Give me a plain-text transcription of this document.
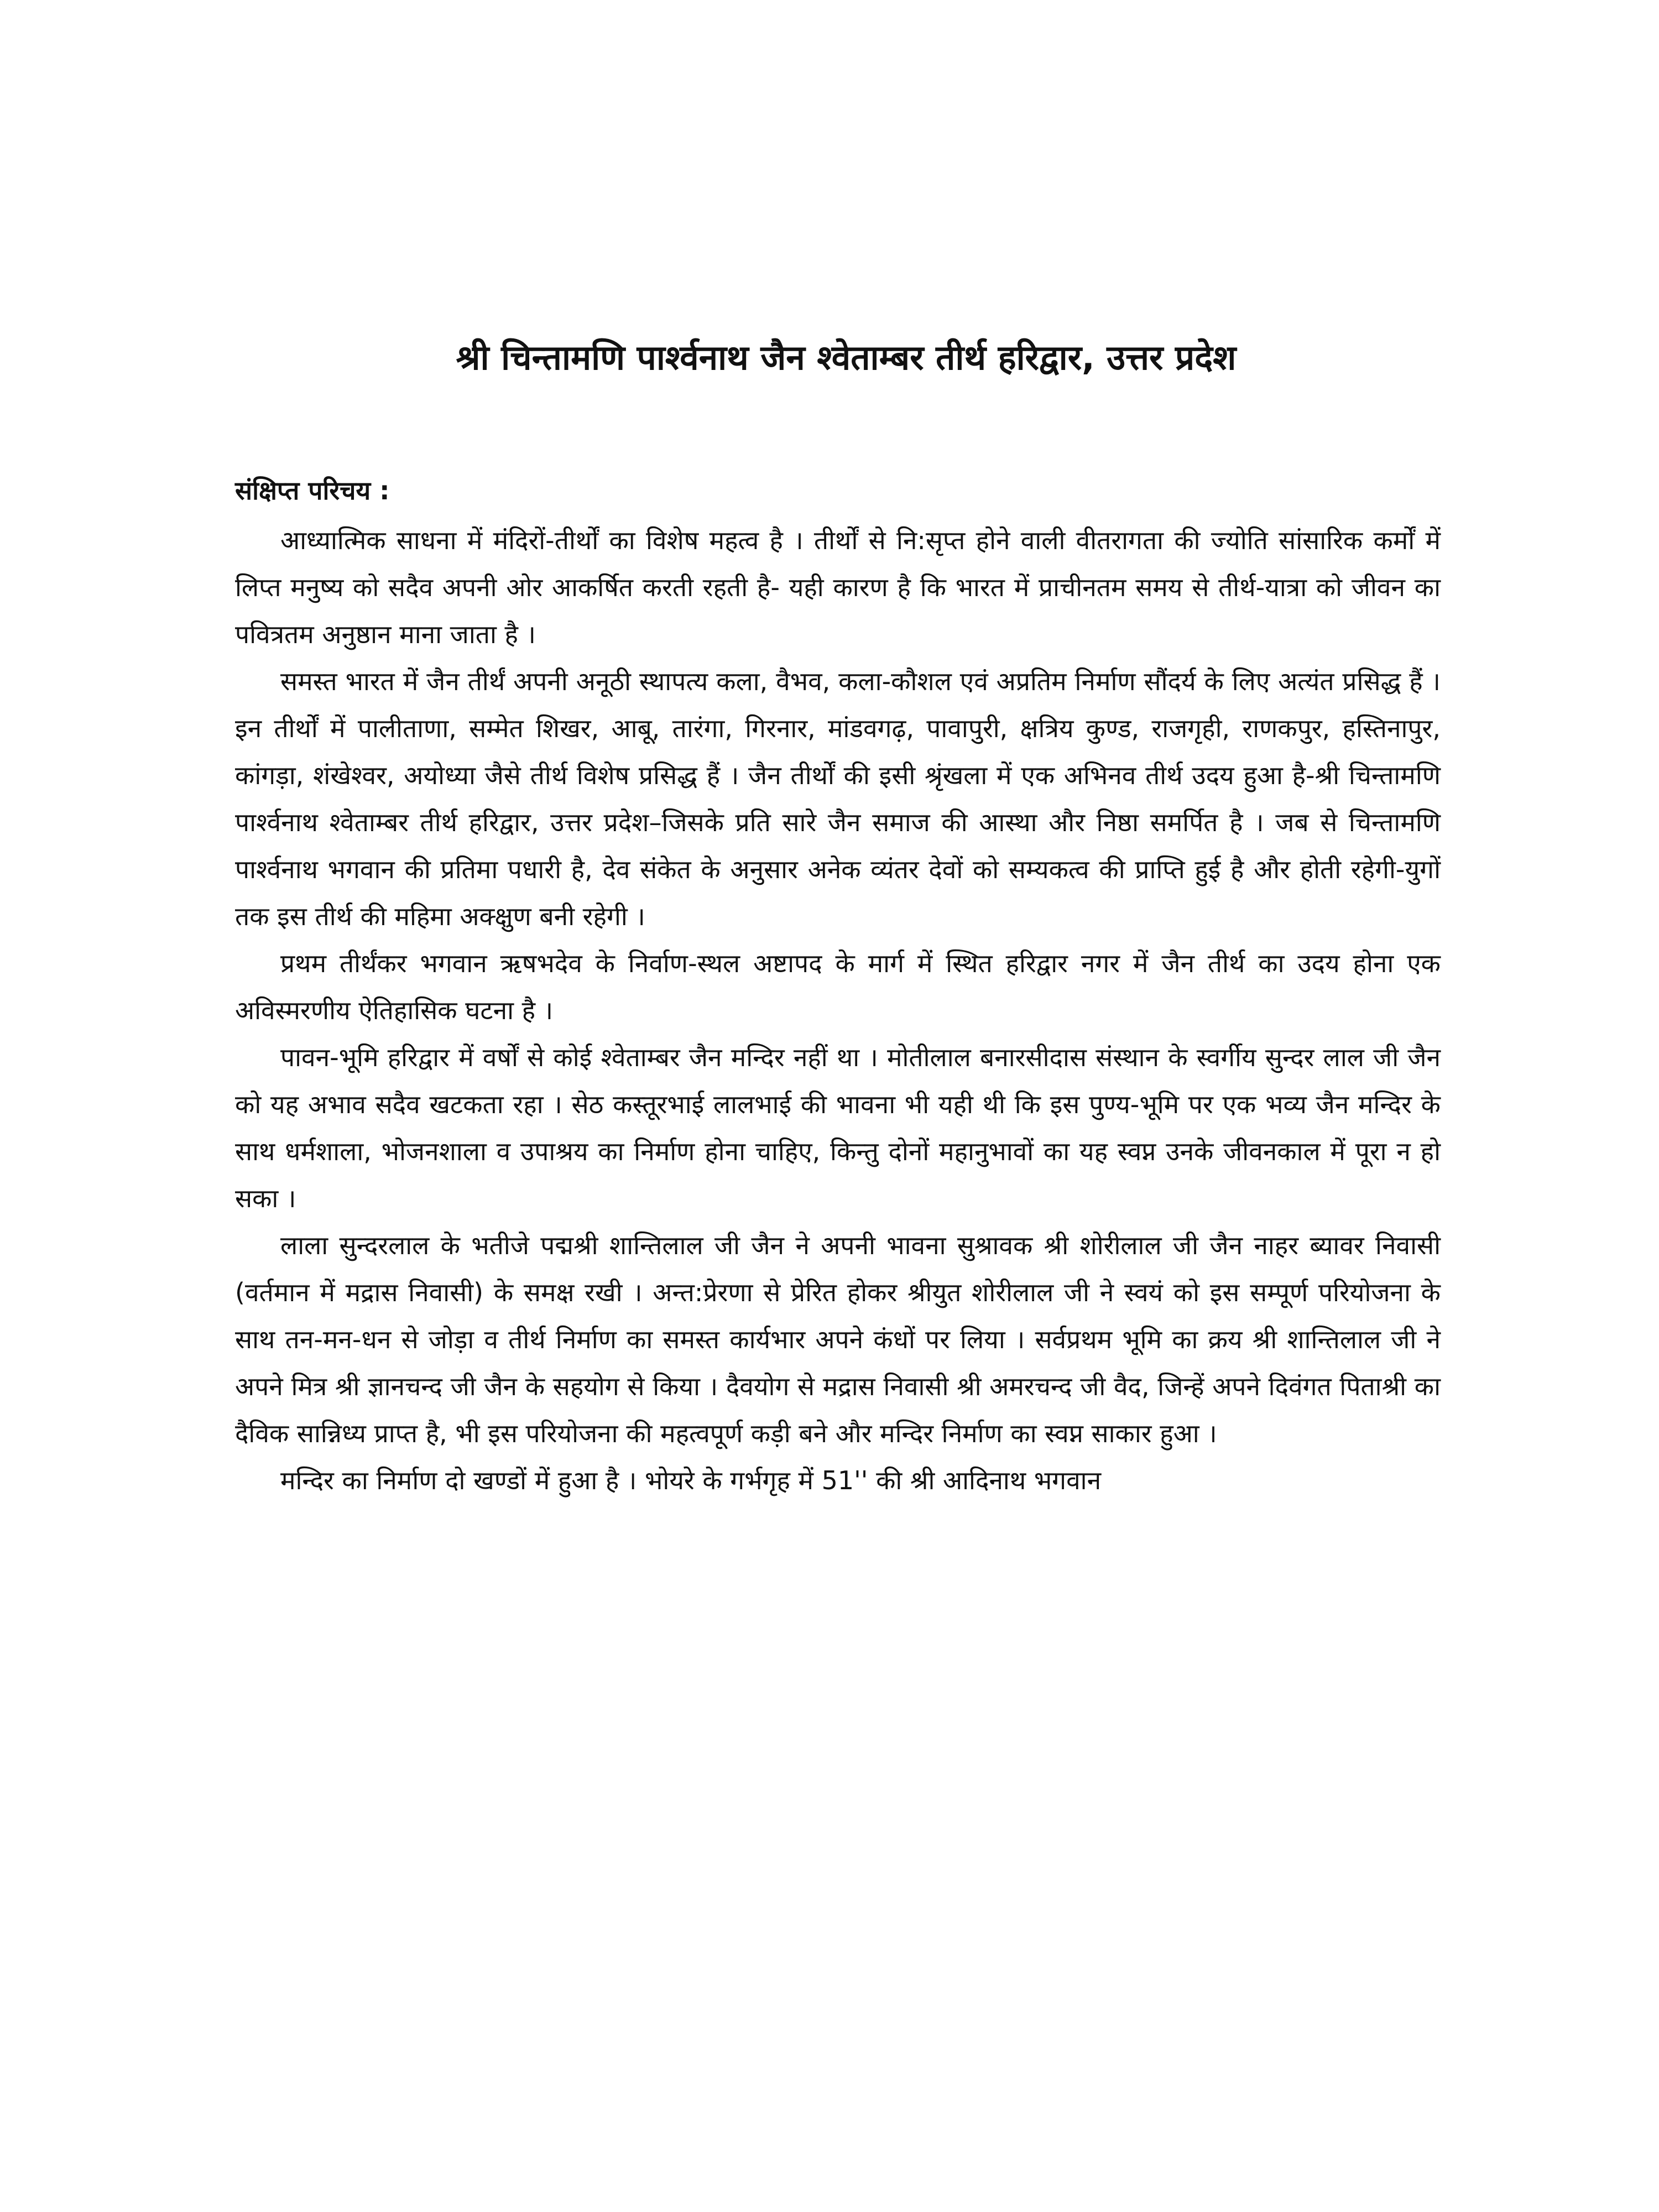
श्री चिन्तामणि पार्श्वनाथ जैन श्वेताम्बर तीर्थ हरिद्वार, उत्तर प्रदेश
संक्षिप्त परिचय :

आध्यात्मिक साधना में मंदिरों-तीर्थों का विशेष महत्व है । तीर्थों से नि:सृप्त होने वाली वीतरागता की ज्योति सांसारिक कर्मों में लिप्त मनुष्य को सदैव अपनी ओर आकर्षित करती रहती है- यही कारण है कि भारत में प्राचीनतम समय से तीर्थ-यात्रा को जीवन का पवित्रतम अनुष्ठान माना जाता है ।

समस्त भारत में जैन तीर्थं अपनी अनूठी स्थापत्य कला, वैभव, कला-कौशल एवं अप्रतिम निर्माण सौंदर्य के लिए अत्यंत प्रसिद्ध हैं । इन तीर्थों में पालीताणा, सम्मेत शिखर, आबू, तारंगा, गिरनार, मांडवगढ़, पावापुरी, क्षत्रिय कुण्ड, राजगृही, राणकपुर, हस्तिनापुर, कांगड़ा, शंखेश्वर, अयोध्या जैसे तीर्थ विशेष प्रसिद्ध हैं । जैन तीर्थों की इसी श्रृंखला में एक अभिनव तीर्थ उदय हुआ है-श्री चिन्तामणि पार्श्वनाथ श्वेताम्बर तीर्थ हरिद्वार, उत्तर प्रदेश–जिसके प्रति सारे जैन समाज की आस्था और निष्ठा समर्पित है । जब से चिन्तामणि पार्श्वनाथ भगवान की प्रतिमा पधारी है, देव संकेत के अनुसार अनेक व्यंतर देवों को सम्यकत्व की प्राप्ति हुई है और होती रहेगी-युगों तक इस तीर्थ की महिमा अक्क्षुण बनी रहेगी ।

प्रथम तीर्थंकर भगवान ऋषभदेव के निर्वाण-स्थल अष्टापद के मार्ग में स्थित हरिद्वार नगर में जैन तीर्थ का उदय होना एक अविस्मरणीय ऐतिहासिक घटना है ।

पावन-भूमि हरिद्वार में वर्षों से कोई श्वेताम्बर जैन मन्दिर नहीं था । मोतीलाल बनारसीदास संस्थान के स्वर्गीय सुन्दर लाल जी जैन को यह अभाव सदैव खटकता रहा । सेठ कस्तूरभाई लालभाई की भावना भी यही थी कि इस पुण्य-भूमि पर एक भव्य जैन मन्दिर के साथ धर्मशाला, भोजनशाला व उपाश्रय का निर्माण होना चाहिए, किन्तु दोनों महानुभावों का यह स्वप्न उनके जीवनकाल में पूरा न हो सका ।

लाला सुन्दरलाल के भतीजे पद्मश्री शान्तिलाल जी जैन ने अपनी भावना सुश्रावक श्री शोरीलाल जी जैन नाहर ब्यावर निवासी (वर्तमान में मद्रास निवासी) के समक्ष रखी । अन्त:प्रेरणा से प्रेरित होकर श्रीयुत शोरीलाल जी ने स्वयं को इस सम्पूर्ण परियोजना के साथ तन-मन-धन से जोड़ा व तीर्थ निर्माण का समस्त कार्यभार अपने कंधों पर लिया । सर्वप्रथम भूमि का क्रय श्री शान्तिलाल जी ने अपने मित्र श्री ज्ञानचन्द जी जैन के सहयोग से किया । दैवयोग से मद्रास निवासी श्री अमरचन्द जी वैद, जिन्हें अपने दिवंगत पिताश्री का दैविक सान्निध्य प्राप्त है, भी इस परियोजना की महत्वपूर्ण कड़ी बने और मन्दिर निर्माण का स्वप्न साकार हुआ ।

मन्दिर का निर्माण दो खण्डों में हुआ है । भोयरे के गर्भगृह में 51'' की श्री आदिनाथ भगवान
